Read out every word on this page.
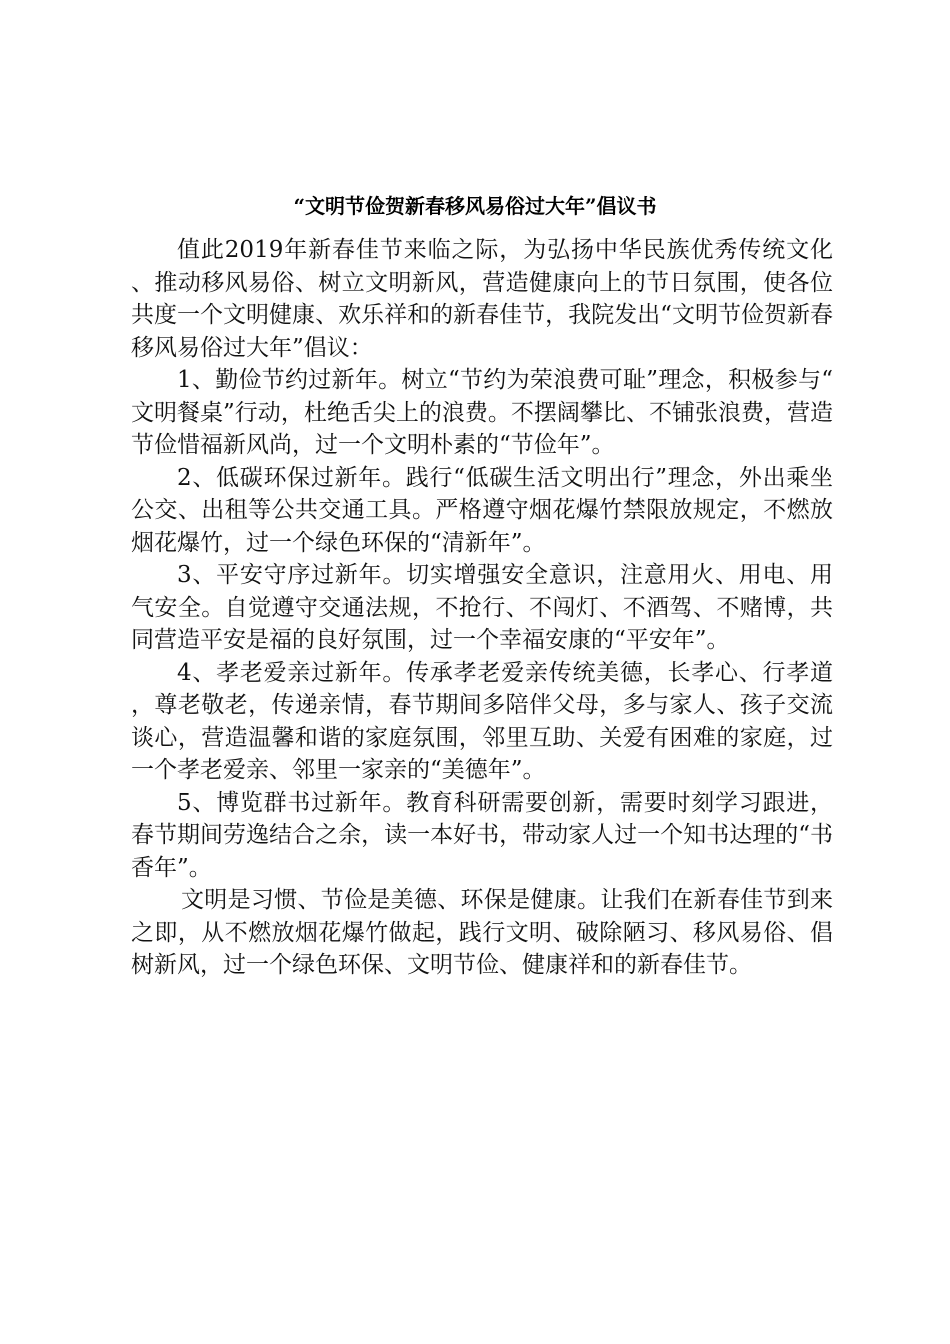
“文明节俭贺新春移风易俗过大年”倡议书

值此2019年新春佳节来临之际，为弘扬中华民族优秀传统文化、推动移风易俗、树立文明新风，营造健康向上的节日氛围，使各位共度一个文明健康、欢乐祥和的新春佳节，我院发出“文明节俭贺新春移风易俗过大年”倡议：

1、勤俭节约过新年。树立“节约为荣浪费可耻”理念，积极参与“文明餐桌”行动，杜绝舌尖上的浪费。不摆阔攀比、不铺张浪费，营造节俭惜福新风尚，过一个文明朴素的“节俭年”。

2、低碳环保过新年。践行“低碳生活文明出行”理念，外出乘坐公交、出租等公共交通工具。严格遵守烟花爆竹禁限放规定，不燃放烟花爆竹，过一个绿色环保的“清新年”。

3、平安守序过新年。切实增强安全意识，注意用火、用电、用气安全。自觉遵守交通法规，不抢行、不闯灯、不酒驾、不赌博，共同营造平安是福的良好氛围，过一个幸福安康的“平安年”。

4、孝老爱亲过新年。传承孝老爱亲传统美德，长孝心、行孝道，尊老敬老，传递亲情，春节期间多陪伴父母，多与家人、孩子交流谈心，营造温馨和谐的家庭氛围，邻里互助、关爱有困难的家庭，过一个孝老爱亲、邻里一家亲的“美德年”。

5、博览群书过新年。教育科研需要创新，需要时刻学习跟进，春节期间劳逸结合之余，读一本好书，带动家人过一个知书达理的“书香年”。

文明是习惯、节俭是美德、环保是健康。让我们在新春佳节到来之即，从不燃放烟花爆竹做起，践行文明、破除陋习、移风易俗、倡树新风，过一个绿色环保、文明节俭、健康祥和的新春佳节。
